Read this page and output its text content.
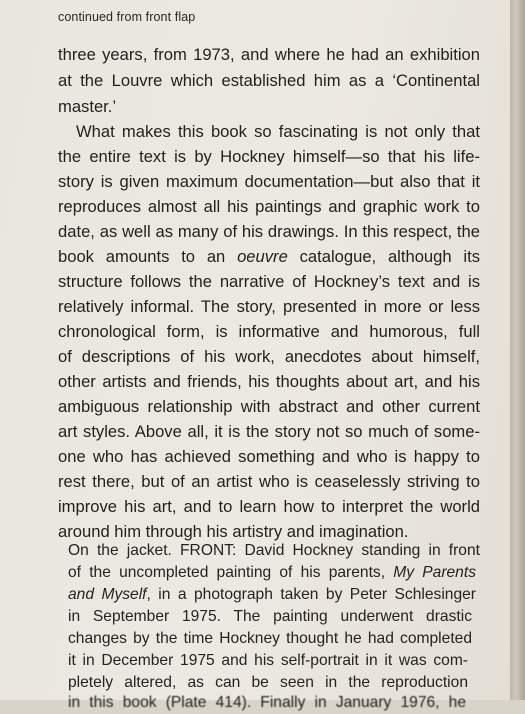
continued from front flap
three years, from 1973, and where he had an exhibition
at the Louvre which established him as a ‘Continental
master.’
What makes this book so fascinating is not only that
the entire text is by Hockney himself—so that his life-
story is given maximum documentation—but also that it
reproduces almost all his paintings and graphic work to
date, as well as many of his drawings. In this respect, the
book amounts to an oeuvre catalogue, although its
structure follows the narrative of Hockney’s text and is
relatively informal. The story, presented in more or less
chronological form, is informative and humorous, full
of descriptions of his work, anecdotes about himself,
other artists and friends, his thoughts about art, and his
ambiguous relationship with abstract and other current
art styles. Above all, it is the story not so much of some-
one who has achieved something and who is happy to
rest there, but of an artist who is ceaselessly striving to
improve his art, and to learn how to interpret the world
around him through his artistry and imagination.
On the jacket. FRONT: David Hockney standing in front
of the uncompleted painting of his parents, My Parents
and Myself, in a photograph taken by Peter Schlesinger
in September 1975. The painting underwent drastic
changes by the time Hockney thought he had completed
it in December 1975 and his self-portrait in it was com-
pletely altered, as can be seen in the reproduction
in this book (Plate 414). Finally in January 1976, he
